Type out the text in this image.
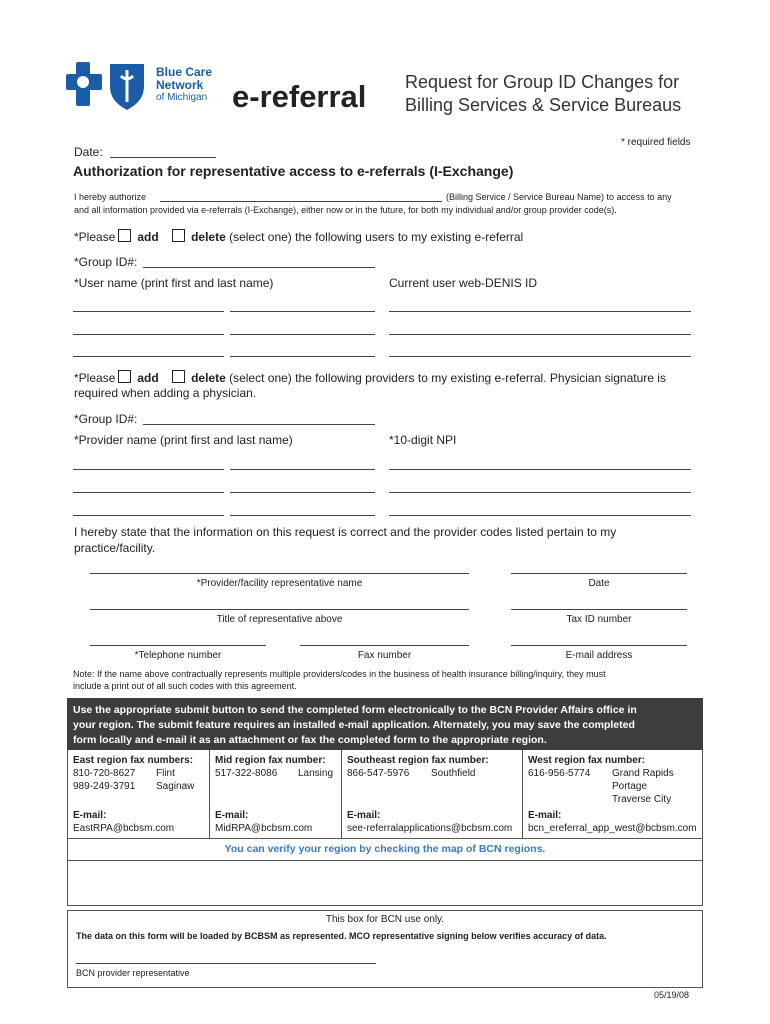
Blue Care
Network
of Michigan e-referral Request for Group ID Changes for
Billing Services & Service Bureaus
* required fields
Date:
Authorization for representative access to e-referrals (I-Exchange)
I hereby authorize	(Billing Service / Service Bureau Name) to access to any
and all information provided via e-referrals (I-Exchange), either now or in the future, for both my individual and/or group provider code(s).
*Please add	delete (select one) the following users to my existing e-referral
*Group ID#:
*User name (print first and last name)	Current user web-DENIS ID
*Please add	delete (select one) the following providers to my existing e-referral. Physician signature is
required when adding a physician.
*Group ID#:
*Provider name (print first and last name)	*10-digit NPI
I hereby state that the information on this request is correct and the provider codes listed pertain to my
practice/facility.
*Provider/facility representative name	Date
Title of representative above	Tax ID number
*Telephone number	Fax number	E-mail address
Note: If the name above contractually represents multiple providers/codes in the business of health insurance billing/inquiry, they must
include a print out of all such codes with this agreement.
Use the appropriate submit button to send the completed form electronically to the BCN Provider Affairs office in
your region. The submit feature requires an installed e-mail application. Alternately, you may save the completed
form locally and e-mail it as an attachment or fax the completed form to the appropriate region.
East region fax numbers:
810-720-8627 Flint
989-249-3791 Saginaw
E-mail:
EastRPA@bcbsm.com
Mid region fax number:
517-322-8086 Lansing
E-mail:
MidRPA@bcbsm.com
Southeast region fax number:
866-547-5976 Southfield
E-mail:
see-referralapplications@bcbsm.com
West region fax number:
616-956-5774 Grand Rapids
Portage
Traverse City
E-mail:
bcn_ereferral_app_west@bcbsm.com
You can verify your region by checking the map of BCN regions.
This box for BCN use only.
The data on this form will be loaded by BCBSM as represented. MCO representative signing below verifies accuracy of data.
BCN provider representative
05/19/08
